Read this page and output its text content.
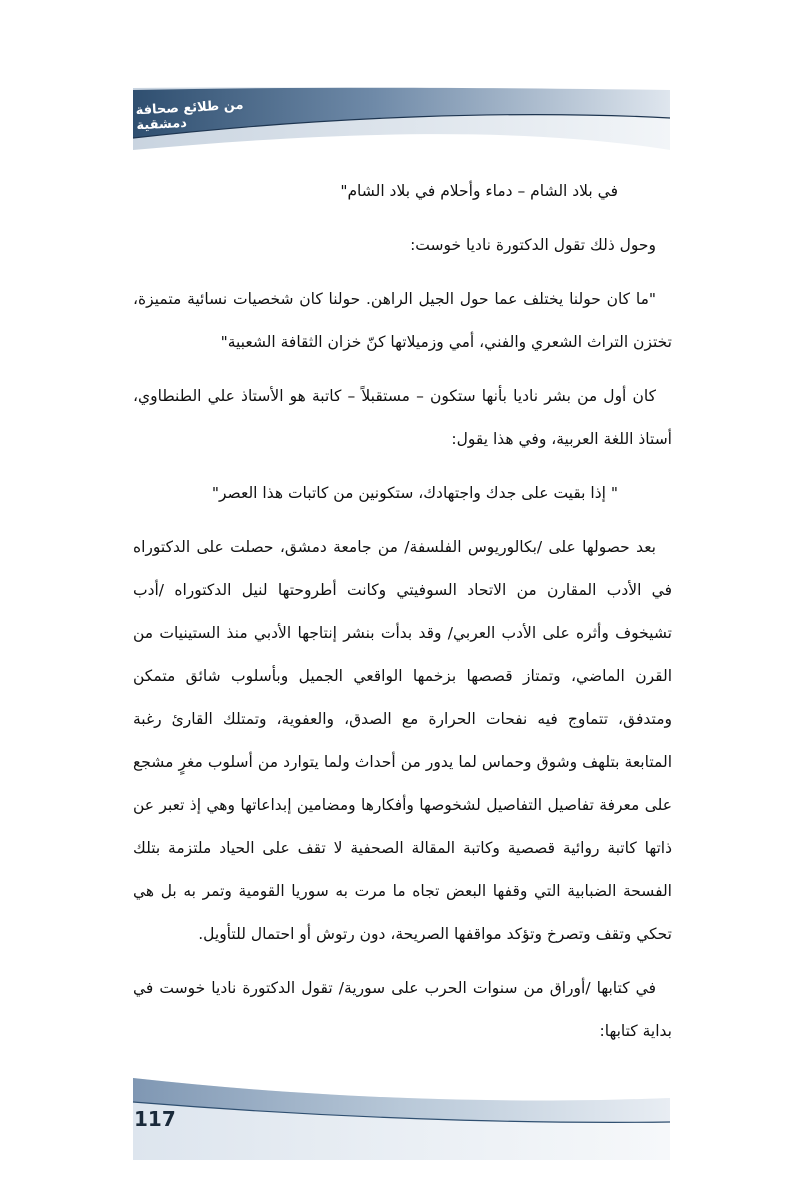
من طلائع صحافة دمشقية
117

في بلاد الشام – دماء وأحلام في بلاد الشام"

وحول ذلك تقول الدكتورة ناديا خوست:

"ما كان حولنا يختلف عما حول الجيل الراهن. حولنا كان شخصيات نسائية متميزة، تختزن التراث الشعري والفني، أمي وزميلاتها كنّ خزان الثقافة الشعبية"

كان أول من بشر ناديا بأنها ستكون – مستقبلاً – كاتبة هو الأستاذ علي الطنطاوي، أستاذ اللغة العربية، وفي هذا يقول:

" إذا بقيت على جدك واجتهادك، ستكونين من كاتبات هذا العصر"

بعد حصولها على /بكالوريوس الفلسفة/ من جامعة دمشق، حصلت على الدكتوراه في الأدب المقارن من الاتحاد السوفيتي وكانت أطروحتها لنيل الدكتوراه /أدب تشيخوف وأثره على الأدب العربي/ وقد بدأت بنشر إنتاجها الأدبي منذ الستينيات من القرن الماضي، وتمتاز قصصها بزخمها الواقعي الجميل وبأسلوب شائق متمكن ومتدفق، تتماوج فيه نفحات الحرارة مع الصدق، والعفوية، وتمتلك القارئ رغبة المتابعة بتلهف وشوق وحماس لما يدور من أحداث ولما يتوارد من أسلوب مغرٍ مشجع على معرفة تفاصيل التفاصيل لشخوصها وأفكارها ومضامين إبداعاتها وهي إذ تعبر عن ذاتها كاتبة روائية قصصية وكاتبة المقالة الصحفية لا تقف على الحياد ملتزمة بتلك الفسحة الضبابية التي وقفها البعض تجاه ما مرت به سوريا القومية وتمر به بل هي تحكي وتقف وتصرخ وتؤكد مواقفها الصريحة، دون رتوش أو احتمال للتأويل.

في كتابها /أوراق من سنوات الحرب على سورية/ تقول الدكتورة ناديا خوست في بداية كتابها:
